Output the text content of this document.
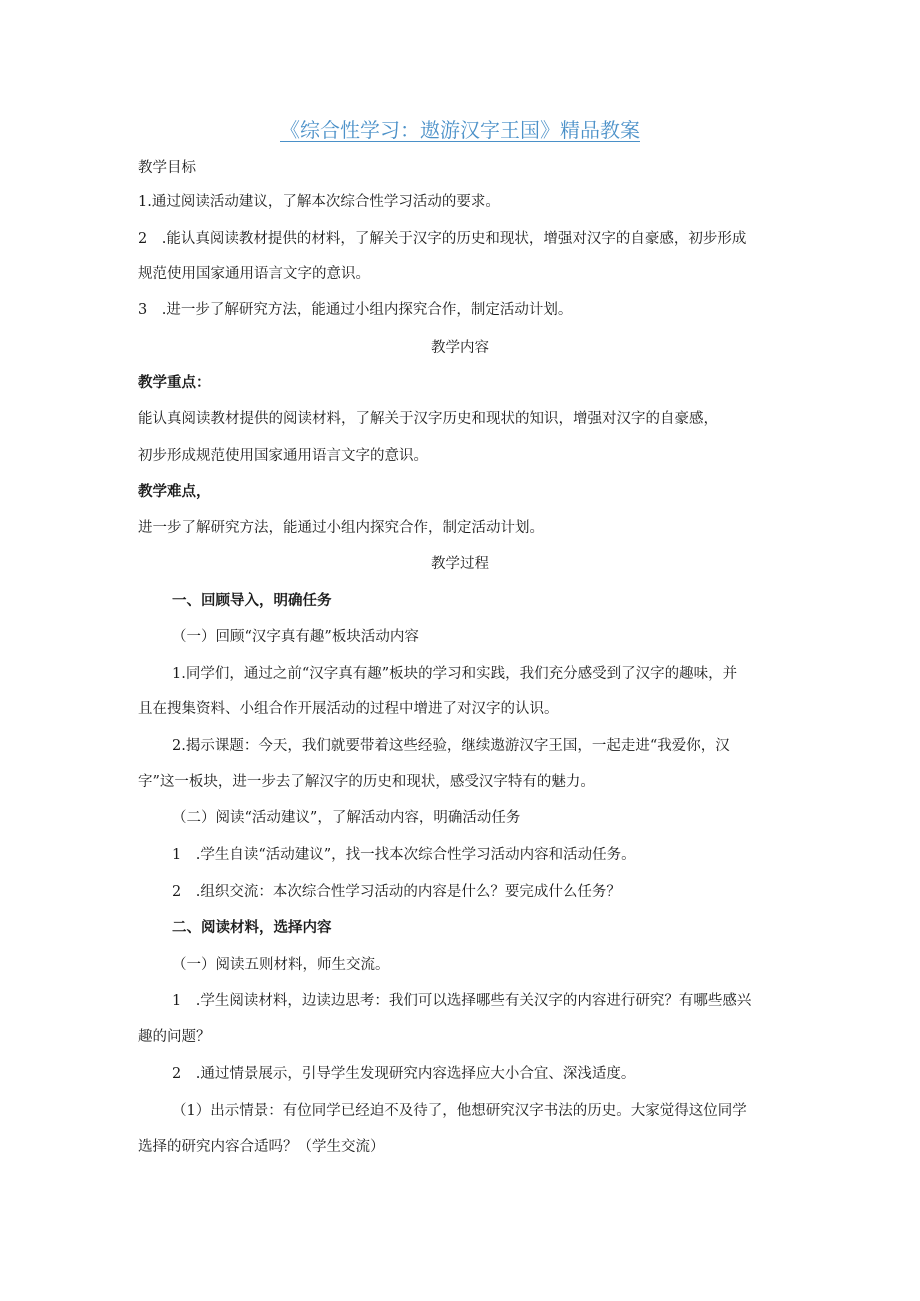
《综合性学习：遨游汉字王国》精品教案

教学目标

1.通过阅读活动建议，了解本次综合性学习活动的要求。

2　.能认真阅读教材提供的材料，了解关于汉字的历史和现状，增强对汉字的自豪感，初步形成

规范使用国家通用语言文字的意识。

3　.进一步了解研究方法，能通过小组内探究合作，制定活动计划。

教学内容

教学重点：

能认真阅读教材提供的阅读材料，了解关于汉字历史和现状的知识，增强对汉字的自豪感，

初步形成规范使用国家通用语言文字的意识。

教学难点，

进一步了解研究方法，能通过小组内探究合作，制定活动计划。

教学过程

一、回顾导入，明确任务

（一）回顾“汉字真有趣”板块活动内容

1.同学们，通过之前“汉字真有趣”板块的学习和实践，我们充分感受到了汉字的趣味，并

且在搜集资料、小组合作开展活动的过程中增进了对汉字的认识。

2.揭示课题：今天，我们就要带着这些经验，继续遨游汉字王国，一起走进“我爱你，汉

字”这一板块，进一步去了解汉字的历史和现状，感受汉字特有的魅力。

（二）阅读“活动建议”，了解活动内容，明确活动任务

1　.学生自读“活动建议”，找一找本次综合性学习活动内容和活动任务。

2　.组织交流：本次综合性学习活动的内容是什么？要完成什么任务？

二、阅读材料，选择内容

（一）阅读五则材料，师生交流。

1　.学生阅读材料，边读边思考：我们可以选择哪些有关汉字的内容进行研究？有哪些感兴

趣的问题？

2　.通过情景展示，引导学生发现研究内容选择应大小合宜、深浅适度。

（1）出示情景：有位同学已经迫不及待了，他想研究汉字书法的历史。大家觉得这位同学

选择的研究内容合适吗？（学生交流）
